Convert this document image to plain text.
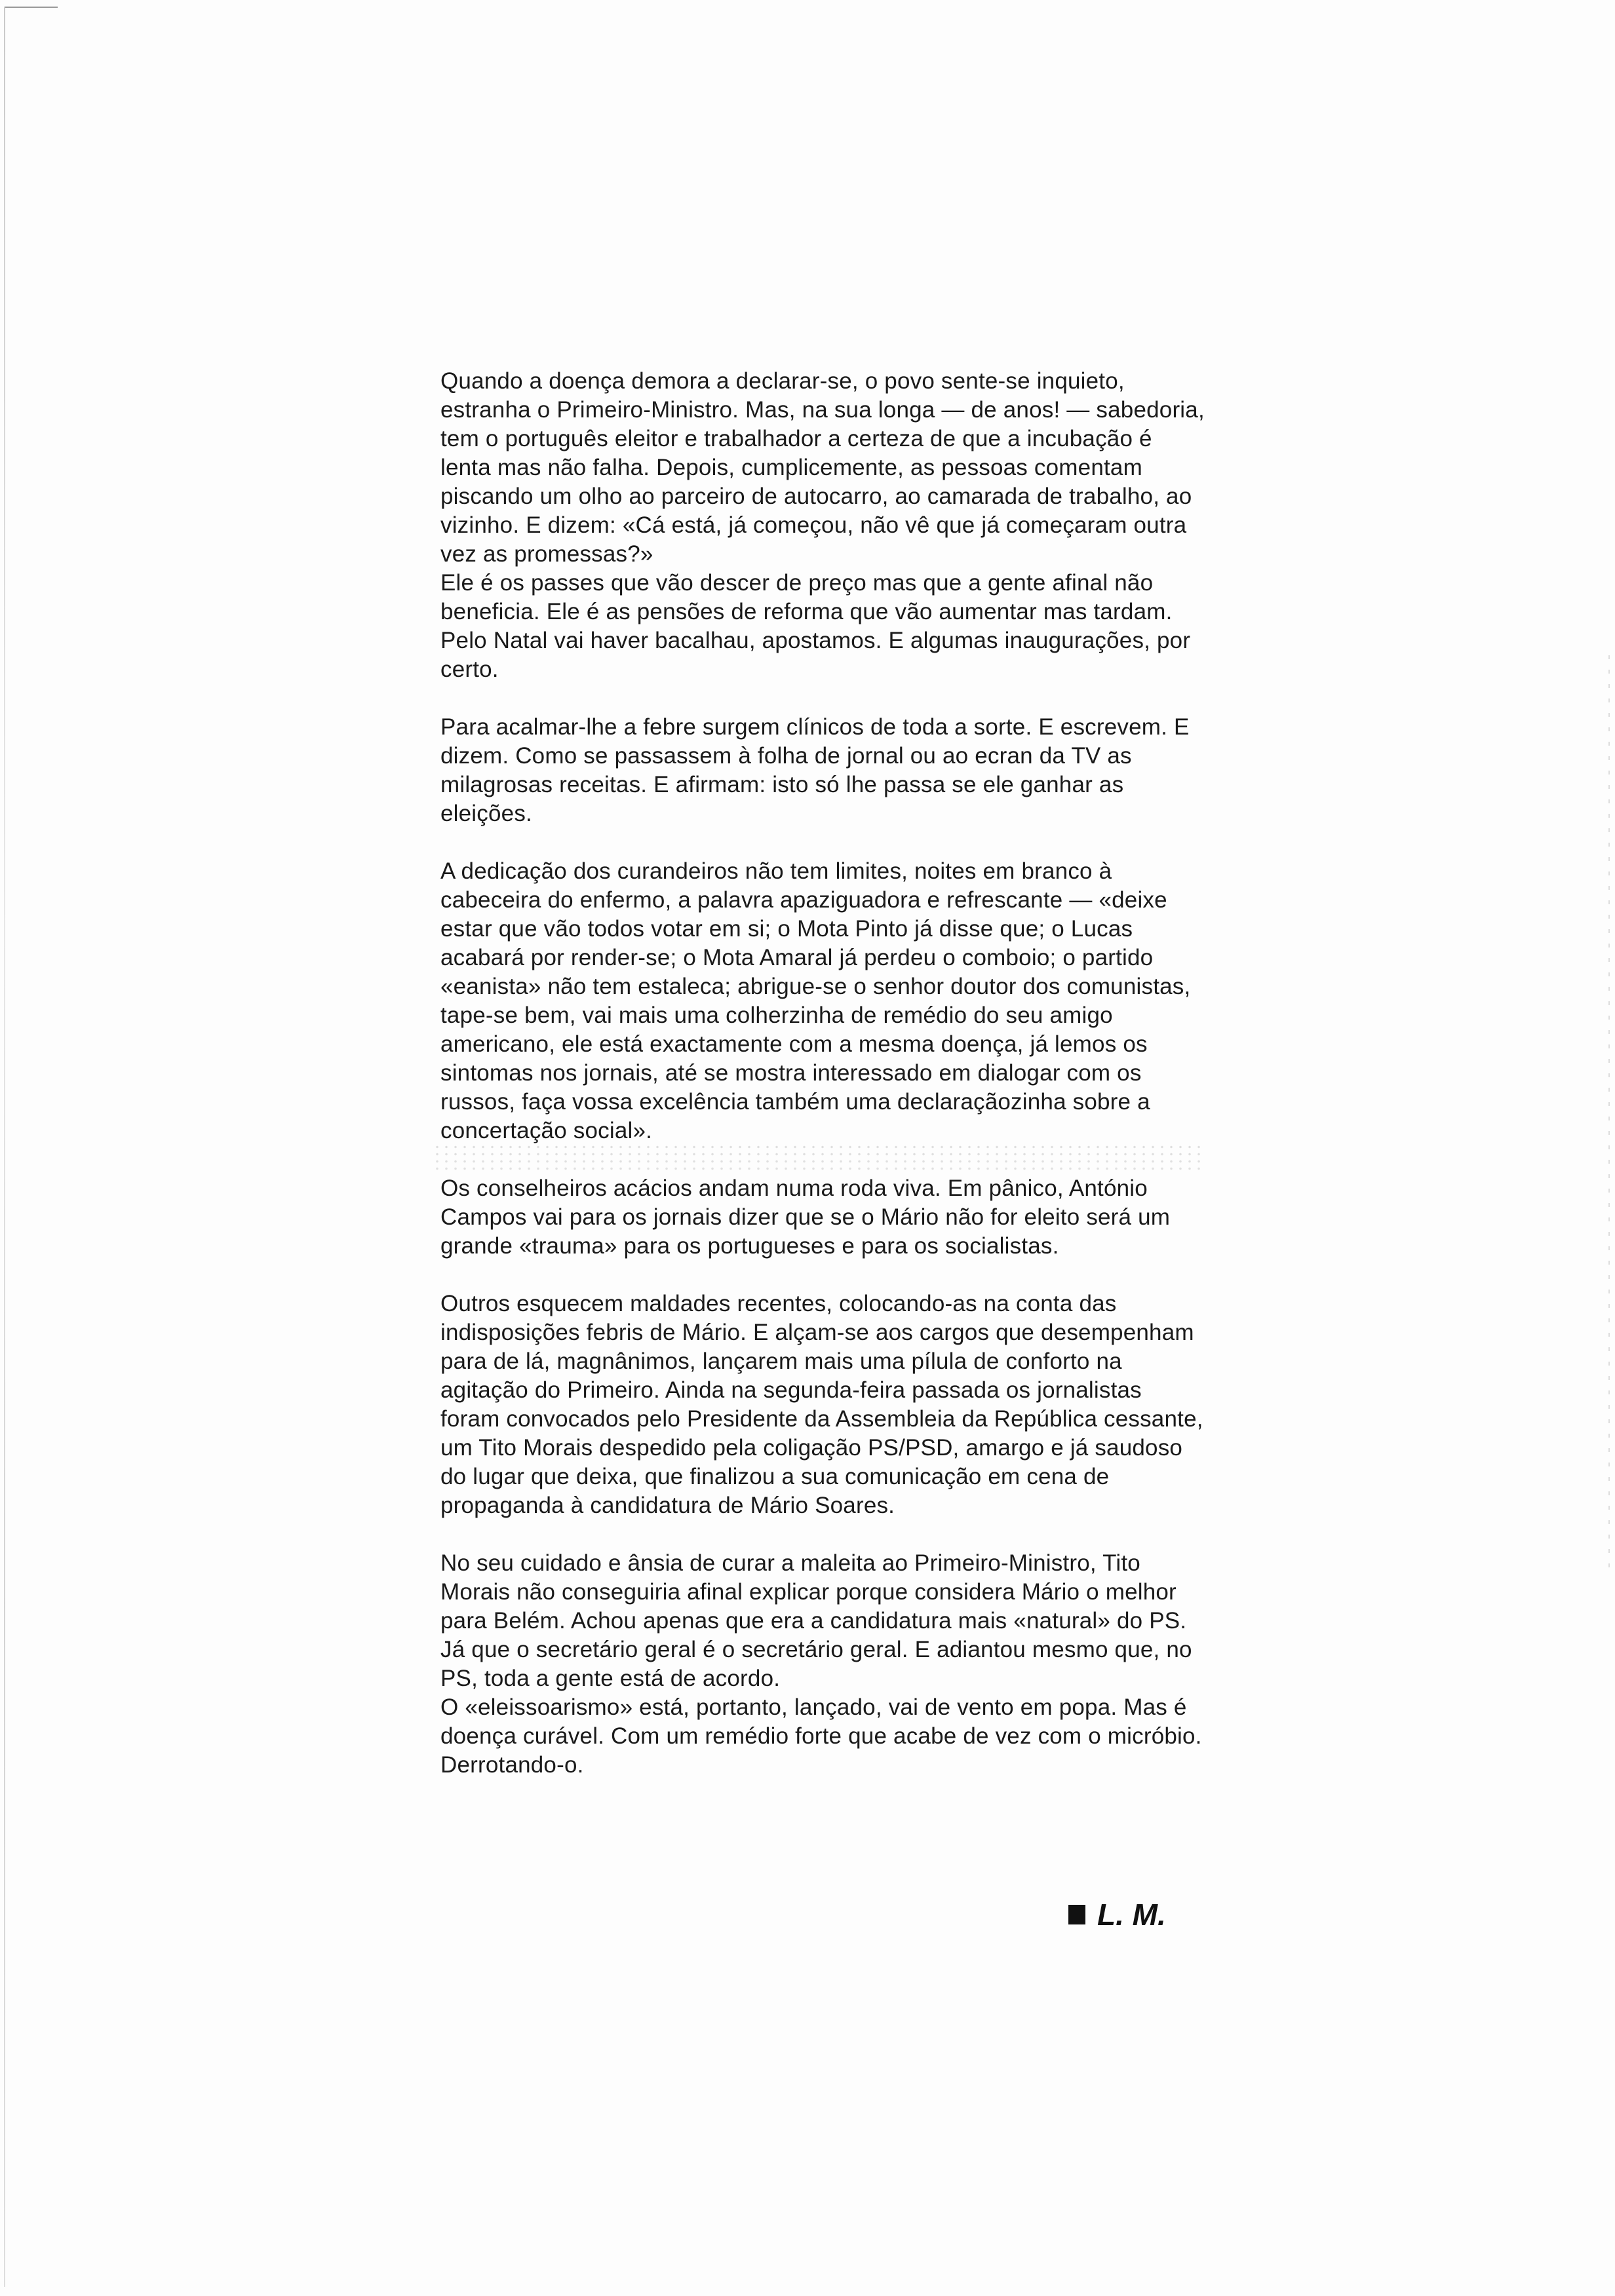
Quando a doença demora a declarar-se, o povo sente-se inquieto, estranha o Primeiro-Ministro. Mas, na sua longa — de anos! — sabedoria, tem o português eleitor e trabalhador a certeza de que a incubação é lenta mas não falha. Depois, cumplicemente, as pessoas comentam piscando um olho ao parceiro de autocarro, ao camarada de trabalho, ao vizinho. E dizem: «Cá está, já começou, não vê que já começaram outra vez as promessas?»

Ele é os passes que vão descer de preço mas que a gente afinal não beneficia. Ele é as pensões de reforma que vão aumentar mas tardam. Pelo Natal vai haver bacalhau, apostamos. E algumas inaugurações, por certo.

Para acalmar-lhe a febre surgem clínicos de toda a sorte. E escrevem. E dizem. Como se passassem à folha de jornal ou ao ecran da TV as milagrosas receitas. E afirmam: isto só lhe passa se ele ganhar as eleições.

A dedicação dos curandeiros não tem limites, noites em branco à cabeceira do enfermo, a palavra apaziguadora e refrescante — «deixe estar que vão todos votar em si; o Mota Pinto já disse que; o Lucas acabará por render-se; o Mota Amaral já perdeu o comboio; o partido «eanista» não tem estaleca; abrigue-se o senhor doutor dos comunistas, tape-se bem, vai mais uma colherzinha de remédio do seu amigo americano, ele está exactamente com a mesma doença, já lemos os sintomas nos jornais, até se mostra interessado em dialogar com os russos, faça vossa excelência também uma declaraçãozinha sobre a concertação social».

Os conselheiros acácios andam numa roda viva. Em pânico, António Campos vai para os jornais dizer que se o Mário não for eleito será um grande «trauma» para os portugueses e para os socialistas.

Outros esquecem maldades recentes, colocando-as na conta das indisposições febris de Mário. E alçam-se aos cargos que desempenham para de lá, magnânimos, lançarem mais uma pílula de conforto na agitação do Primeiro. Ainda na segunda-feira passada os jornalistas foram convocados pelo Presidente da Assembleia da República cessante, um Tito Morais despedido pela coligação PS/PSD, amargo e já saudoso do lugar que deixa, que finalizou a sua comunicação em cena de propaganda à candidatura de Mário Soares.

No seu cuidado e ânsia de curar a maleita ao Primeiro-Ministro, Tito Morais não conseguiria afinal explicar porque considera Mário o melhor para Belém. Achou apenas que era a candidatura mais «natural» do PS. Já que o secretário geral é o secretário geral. E adiantou mesmo que, no PS, toda a gente está de acordo.

O «eleissoarismo» está, portanto, lançado, vai de vento em popa. Mas é doença curável. Com um remédio forte que acabe de vez com o micróbio. Derrotando-o.

L. M.
